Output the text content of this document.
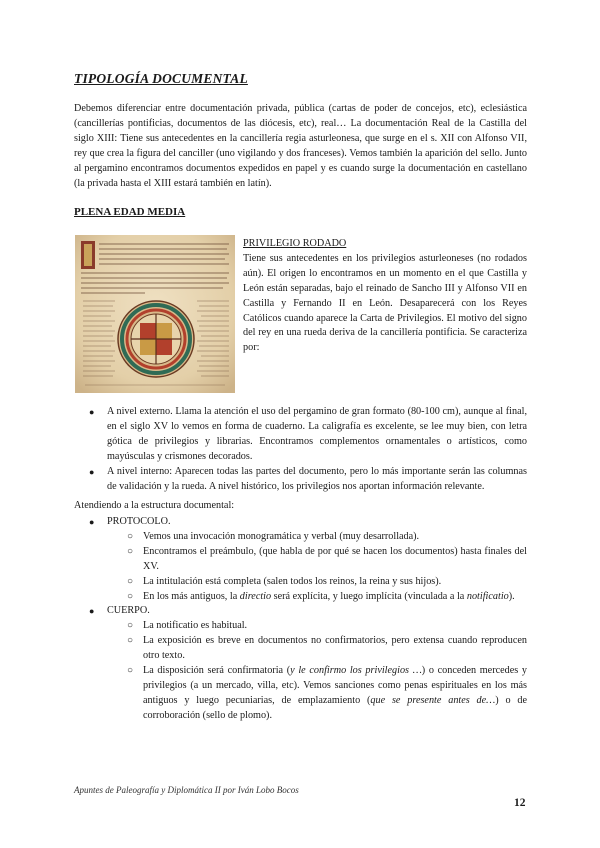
TIPOLOGÍA DOCUMENTAL

Debemos diferenciar entre documentación privada, pública (cartas de poder de concejos, etc), eclesiástica (cancillerías pontificias, documentos de las diócesis, etc), real… La documentación Real de la Castilla del siglo XIII: Tiene sus antecedentes en la cancillería regia asturleonesa, que surge en el s. XII con Alfonso VII, rey que crea la figura del canciller (uno vigilando y dos franceses). Vemos también la aparición del sello. Junto al pergamino encontramos documentos expedidos en papel y es cuando surge la documentación en castellano (la privada hasta el XIII estará también en latín).

PLENA EDAD MEDIA

PRIVILEGIO RODADO
Tiene sus antecedentes en los privilegios asturleoneses (no rodados aún). El origen lo encontramos en un momento en el que Castilla y León están separadas, bajo el reinado de Sancho III y Alfonso VII en Castilla y Fernando II en León. Desaparecerá con los Reyes Católicos cuando aparece la Carta de Privilegios. El motivo del signo del rey en una rueda deriva de la cancillería pontificia. Se caracteriza por:

● A nivel externo. Llama la atención el uso del pergamino de gran formato (80-100 cm), aunque al final, en el siglo XV lo vemos en forma de cuaderno. La caligrafía es excelente, se lee muy bien, con letra gótica de privilegios y librarias. Encontramos complementos ornamentales o artísticos, como mayúsculas y crismones decorados.
● A nivel interno: Aparecen todas las partes del documento, pero lo más importante serán las columnas de validación y la rueda. A nivel histórico, los privilegios nos aportan información relevante.
Atendiendo a la estructura documental:
● PROTOCOLO.
○ Vemos una invocación monogramática y verbal (muy desarrollada).
○ Encontramos el preámbulo, (que habla de por qué se hacen los documentos) hasta finales del XV.
○ La intitulación está completa (salen todos los reinos, la reina y sus hijos).
○ En los más antiguos, la directio será explícita, y luego implícita (vinculada a la notificatio).
● CUERPO.
○ La notificatio es habitual.
○ La exposición es breve en documentos no confirmatorios, pero extensa cuando reproducen otro texto.
○ La disposición será confirmatoria (y le confirmo los privilegios …) o conceden mercedes y privilegios (a un mercado, villa, etc). Vemos sanciones como penas espirituales en los más antiguos y luego pecuniarias, de emplazamiento (que se presente antes de…) o de corroboración (sello de plomo).
Apuntes de Paleografía y Diplomática II por Iván Lobo Bocos
12
